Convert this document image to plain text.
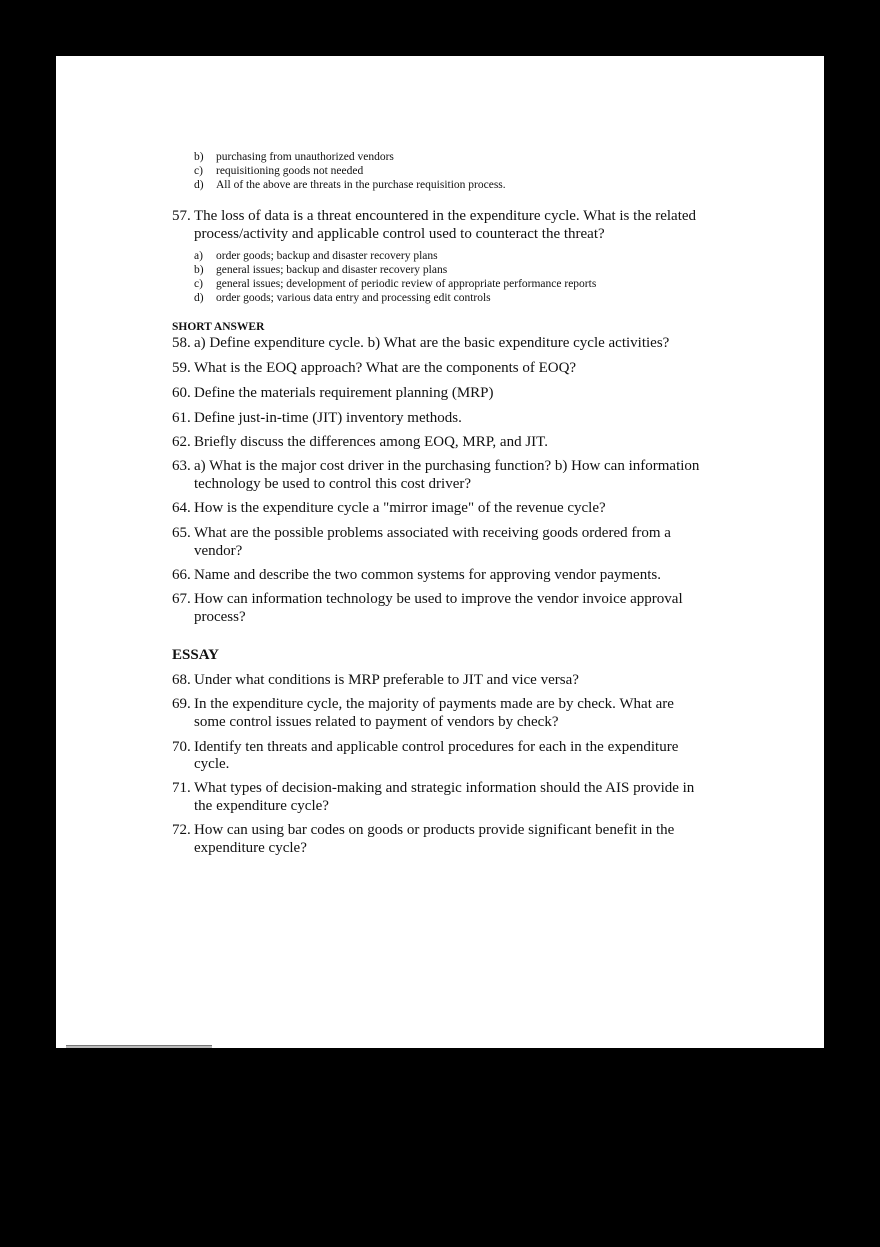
b) purchasing from unauthorized vendors
c) requisitioning goods not needed
d) All of the above are threats in the purchase requisition process.
57. The loss of data is a threat encountered in the expenditure cycle. What is the related
process/activity and applicable control used to counteract the threat?
a) order goods; backup and disaster recovery plans
b) general issues; backup and disaster recovery plans
c) general issues; development of periodic review of appropriate performance reports
d) order goods; various data entry and processing edit controls
SHORT ANSWER
58. a) Define expenditure cycle. b) What are the basic expenditure cycle activities?
59. What is the EOQ approach? What are the components of EOQ?
60. Define the materials requirement planning (MRP)
61. Define just-in-time (JIT) inventory methods.
62. Briefly discuss the differences among EOQ, MRP, and JIT.
63. a) What is the major cost driver in the purchasing function? b) How can information
technology be used to control this cost driver?
64. How is the expenditure cycle a "mirror image" of the revenue cycle?
65. What are the possible problems associated with receiving goods ordered from a
vendor?
66. Name and describe the two common systems for approving vendor payments.
67. How can information technology be used to improve the vendor invoice approval
process?
ESSAY
68. Under what conditions is MRP preferable to JIT and vice versa?
69. In the expenditure cycle, the majority of payments made are by check. What are
some control issues related to payment of vendors by check?
70. Identify ten threats and applicable control procedures for each in the expenditure
cycle.
71. What types of decision-making and strategic information should the AIS provide in
the expenditure cycle?
72. How can using bar codes on goods or products provide significant benefit in the
expenditure cycle?
